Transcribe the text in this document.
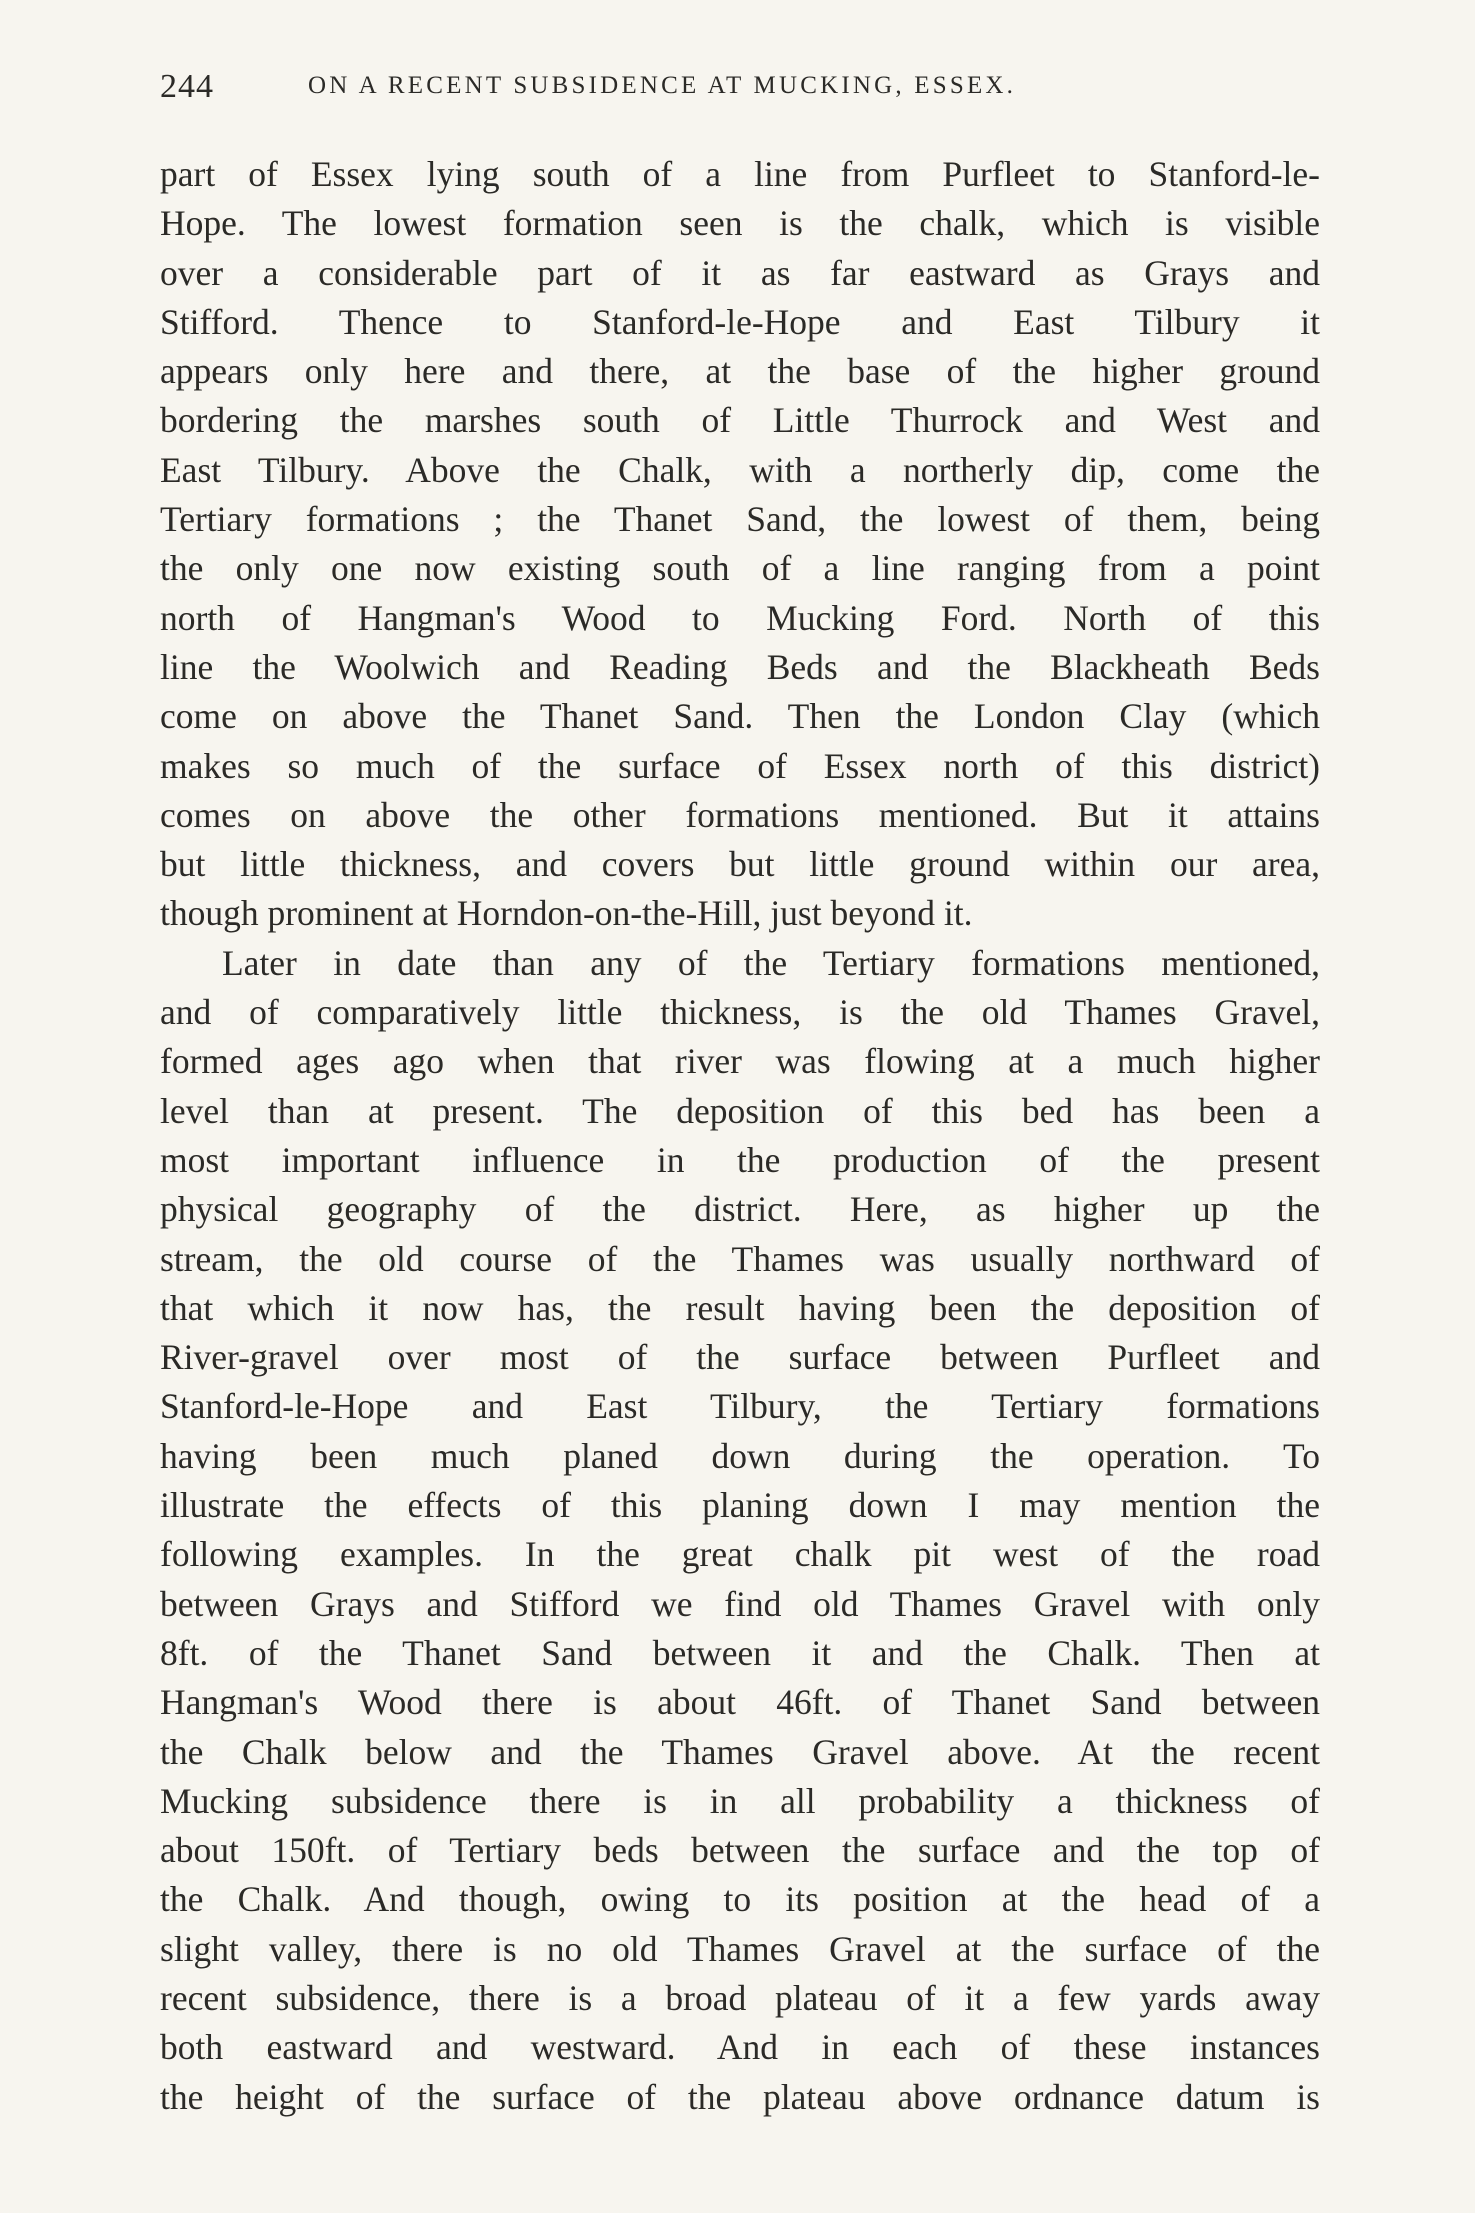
244	ON A RECENT SUBSIDENCE AT MUCKING, ESSEX.
part of Essex lying south of a line from Purfleet to Stanford-le-
Hope. The lowest formation seen is the chalk, which is visible
over a considerable part of it as far eastward as Grays and
Stifford. Thence to Stanford-le-Hope and East Tilbury it
appears only here and there, at the base of the higher ground
bordering the marshes south of Little Thurrock and West and
East Tilbury. Above the Chalk, with a northerly dip, come the
Tertiary formations ; the Thanet Sand, the lowest of them, being
the only one now existing south of a line ranging from a point
north of Hangman's Wood to Mucking Ford. North of this
line the Woolwich and Reading Beds and the Blackheath Beds
come on above the Thanet Sand. Then the London Clay (which
makes so much of the surface of Essex north of this district)
comes on above the other formations mentioned. But it attains
but little thickness, and covers but little ground within our area,
though prominent at Horndon-on-the-Hill, just beyond it.
Later in date than any of the Tertiary formations mentioned,
and of comparatively little thickness, is the old Thames Gravel,
formed ages ago when that river was flowing at a much higher
level than at present. The deposition of this bed has been a
most important influence in the production of the present
physical geography of the district. Here, as higher up the
stream, the old course of the Thames was usually northward of
that which it now has, the result having been the deposition of
River-gravel over most of the surface between Purfleet and
Stanford-le-Hope and East Tilbury, the Tertiary formations
having been much planed down during the operation. To
illustrate the effects of this planing down I may mention the
following examples. In the great chalk pit west of the road
between Grays and Stifford we find old Thames Gravel with only
8ft. of the Thanet Sand between it and the Chalk. Then at
Hangman's Wood there is about 46ft. of Thanet Sand between
the Chalk below and the Thames Gravel above. At the recent
Mucking subsidence there is in all probability a thickness of
about 150ft. of Tertiary beds between the surface and the top of
the Chalk. And though, owing to its position at the head of a
slight valley, there is no old Thames Gravel at the surface of the
recent subsidence, there is a broad plateau of it a few yards away
both eastward and westward. And in each of these instances
the height of the surface of the plateau above ordnance datum is
